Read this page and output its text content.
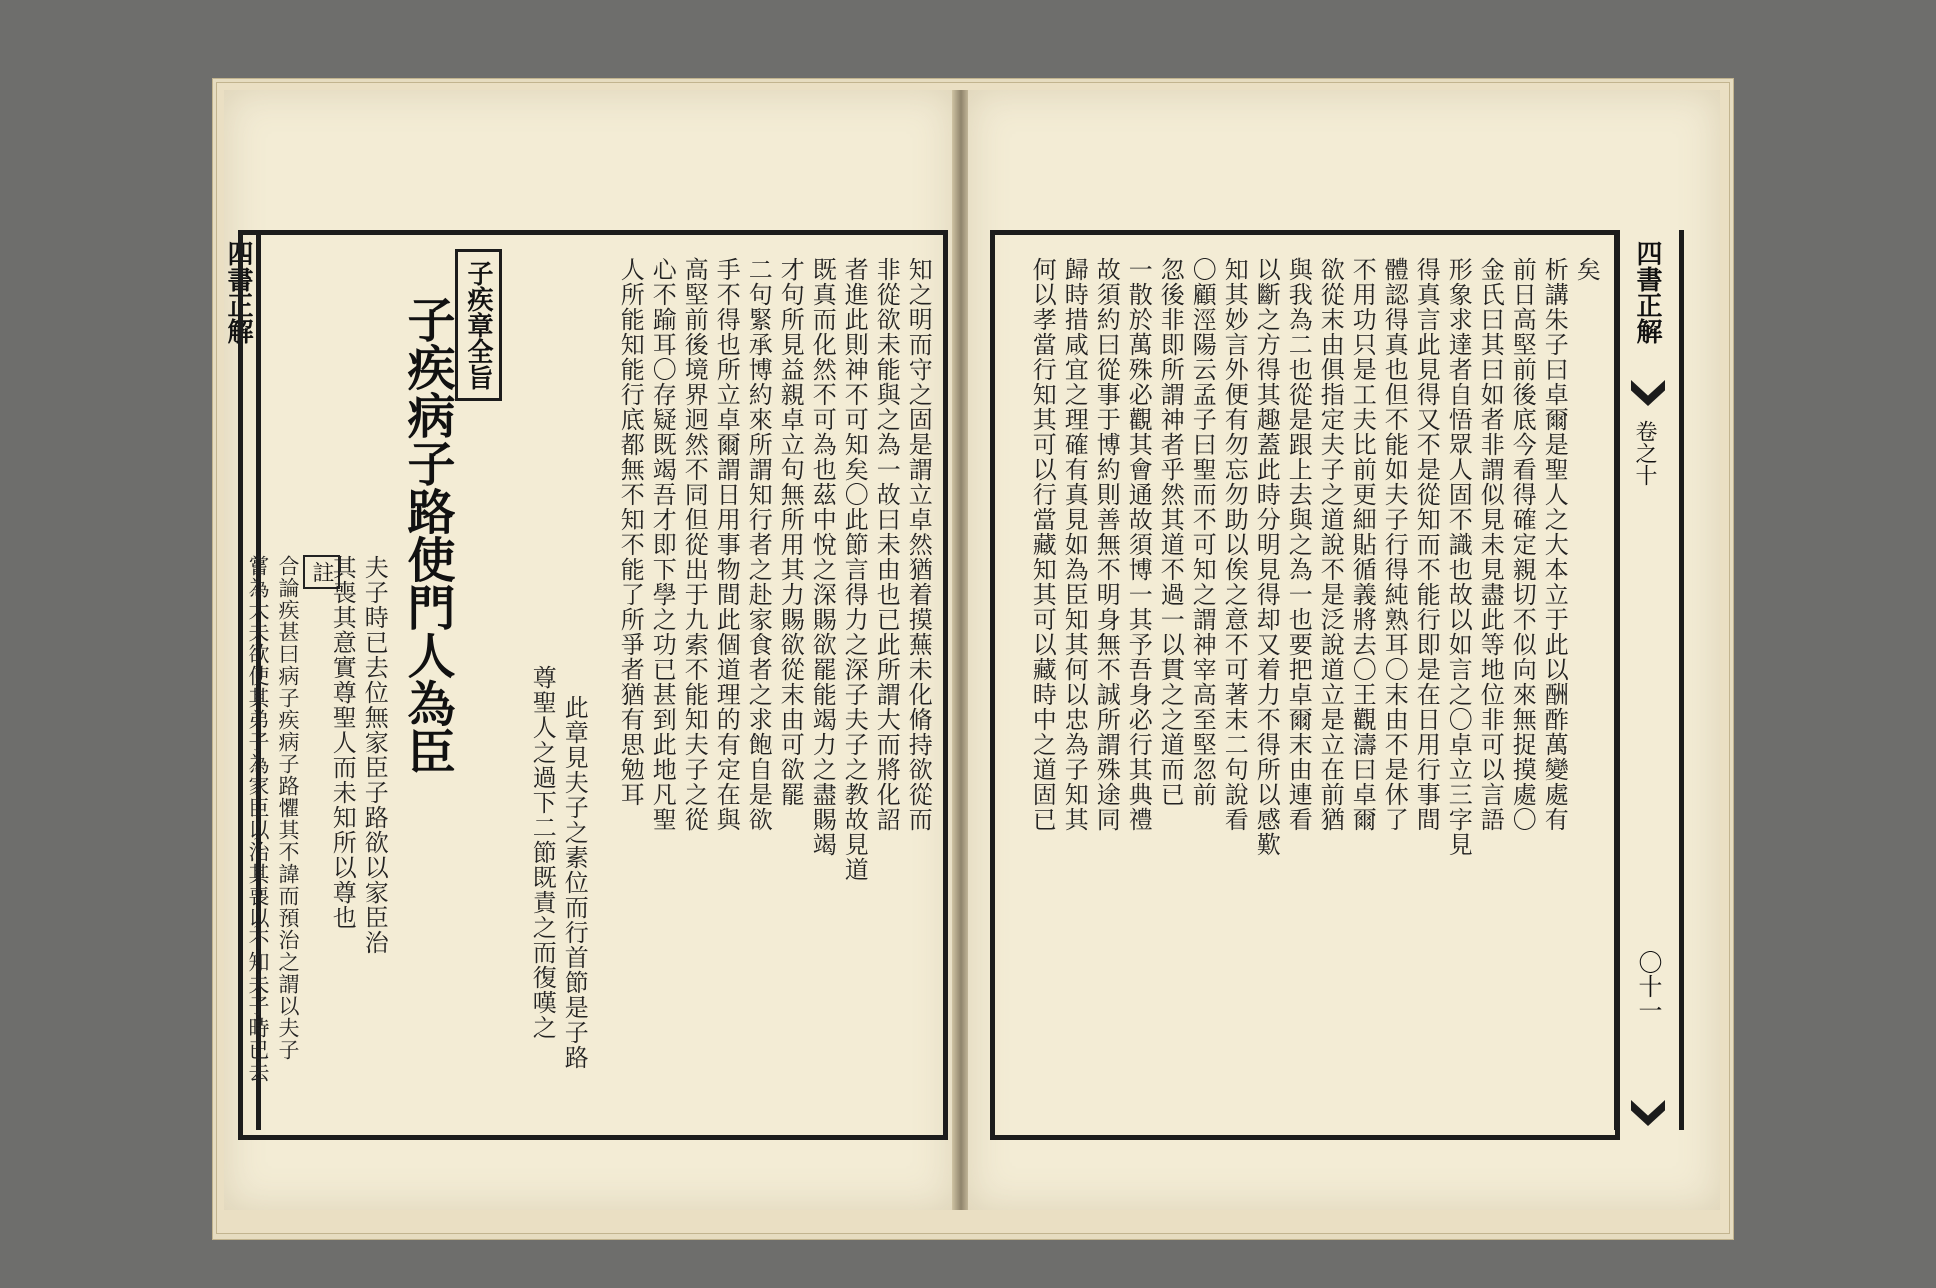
四書正解	子疾章全旨
子疾病子路使門人為臣	知之明而守之固是謂立卓然猶着摸蕪未化脩持欲從而
非從欲未能與之為一故曰未由也已此所謂大而將化詔
者進此則神不可知矣〇此節言得力之深子夫子之教故見道
既真而化然不可為也茲中悅之深賜欲罷能竭力之盡賜竭
才句所見益親卓立句無所用其力賜欲從末由可欲罷
二句緊承博約來所謂知行者之赴家食者之求飽自是欲
手不得也所立卓爾謂日用事物間此個道理的有定在與
高堅前後境界迥然不同但從出于九索不能知夫子之從
心不踰耳〇存疑既竭吾才即下學之功已甚到此地凡聖
人所能知能行底都無不知不能了所爭者猶有思勉耳
此章見夫子之素位而行首節是子路
尊聖人之過下二節既責之而復嘆之
夫子時已去位無家臣子路欲以家臣治
其喪其意實尊聖人而未知所以尊也
註
合論疾甚曰病子疾病子路懼其不諱而預治之謂以夫子
嘗為大夫欲使其弟子為家臣以治其喪以不知夫子時已去
矣
析講朱子曰卓爾是聖人之大本立于此以酬酢萬變處有
前日高堅前後底今看得確定親切不似向來無捉摸處〇
金氏曰其曰如者非謂似見未見盡此等地位非可以言語
形象求達者自悟眾人固不識也故以如言之〇卓立三字見
得真言此見得又不是從知而不能行即是在日用行事間
體認得真也但不能如夫子行得純熟耳〇末由不是休了
不用功只是工夫比前更細貼循義將去〇王觀濤曰卓爾
欲從末由俱指定夫子之道說不是泛說道立是立在前猶
與我為二也從是跟上去與之為一也要把卓爾末由連看
以斷之方得其趣蓋此時分明見得却又着力不得所以感歎
知其妙言外便有勿忘勿助以俟之意不可著末二句說看
〇顧涇陽云孟子曰聖而不可知之謂神宰高至堅忽前
忽後非即所謂神者乎然其道不過一以貫之之道而已
一散於萬殊必觀其會通故須博一其予吾身必行其典禮
故須約曰從事于博約則善無不明身無不誠所謂殊途同
歸時措咸宜之理確有真見如為臣知其何以忠為子知其
何以孝當行知其可以行當藏知其可以藏時中之道固已	四書正解
卷之十
〇十一
